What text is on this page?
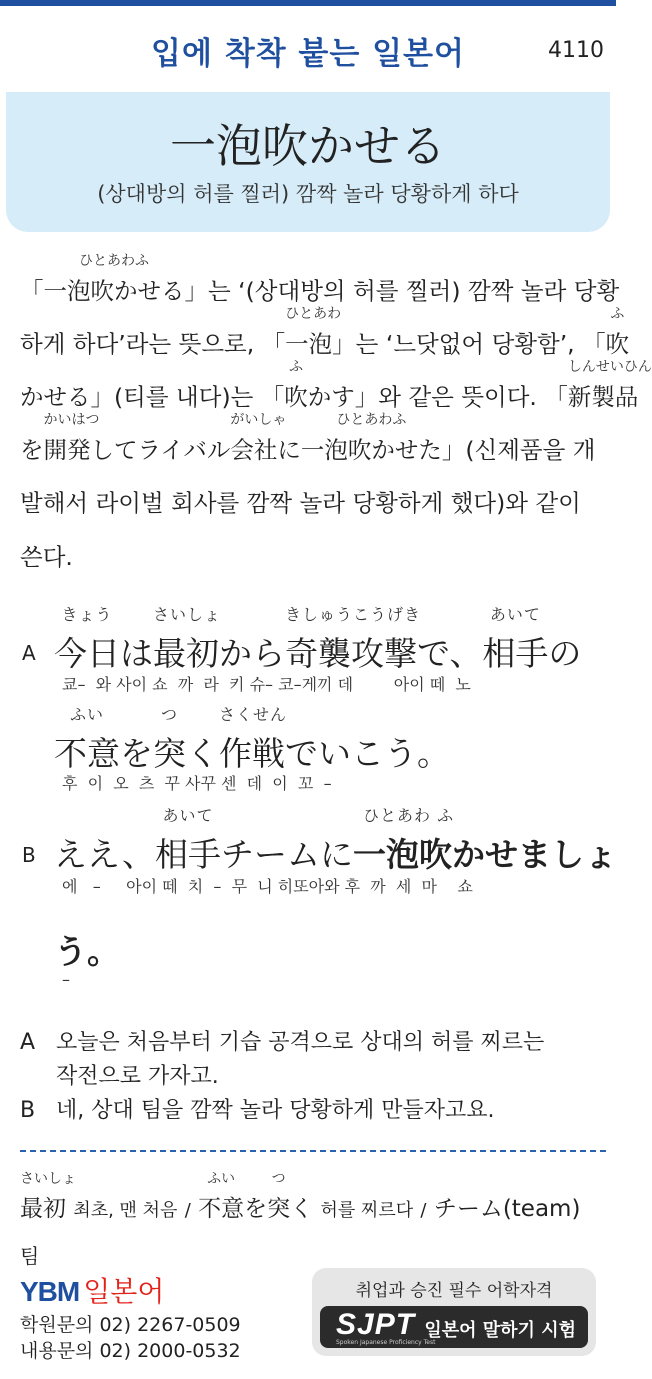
입에 착착 붙는 일본어	4110
一泡吹かせる
(상대방의 허를 찔러) 깜짝 놀라 당황하게 하다
「
ひとあわふ
一泡吹かせる」는 ‘(상대방의 허를 찔러) 깜짝 놀라 당황
하게 하다’라는 뜻으로, 「
ひとあわ
一泡」는 ‘느닷없어 당황함’, 「
ふ
吹
かせる」(티를 내다)는 「
ふ
吹かす」와 같은 뜻이다. 「
しんせいひん
新製品
を
かいはつ
開発してライバル
がいしゃ
会社に
ひとあわふ
一泡吹かせた」(신제품을 개
발해서 라이벌 회사를 깜짝 놀라 당황하게 했다)와 같이
쓴다.
A
きょう
今日は
さいしょ
最初から
きしゅうこうげき
奇襲攻撃で、
あいて
相手の
쿄–  와 사이 쇼  까  라  키 슈– 코–게끼 데        아이 떼  노
ふい
不意を
つ
突く
さくせん
作戦でいこう。
후  이  오  츠  꾸 사꾸 센  데  이  꼬  –
B ええ、
あいて
相手チームに
ひとあわ ふ
一泡吹かせましょ
에   –     아이 떼  치  –  무  니 히또아와 후  까  세  마    쇼
う。
–
A 오늘은 처음부터 기습 공격으로 상대의 허를 찌르는
작전으로 가자고.
B 네, 상대 팀을 깜짝 놀라 당황하게 만들자고요.
さいしょ
最初 최초, 맨 처음 /
ふい
不意を
つ
突く 허를 찌르다 / チーム(team)
팀
YBM 일본어
학원문의 02) 2267-0509
내용문의 02) 2000-0532
취업과 승진 필수 어학자격
SJPT
Spoken Japanese Proficiency Test
일본어 말하기 시험
